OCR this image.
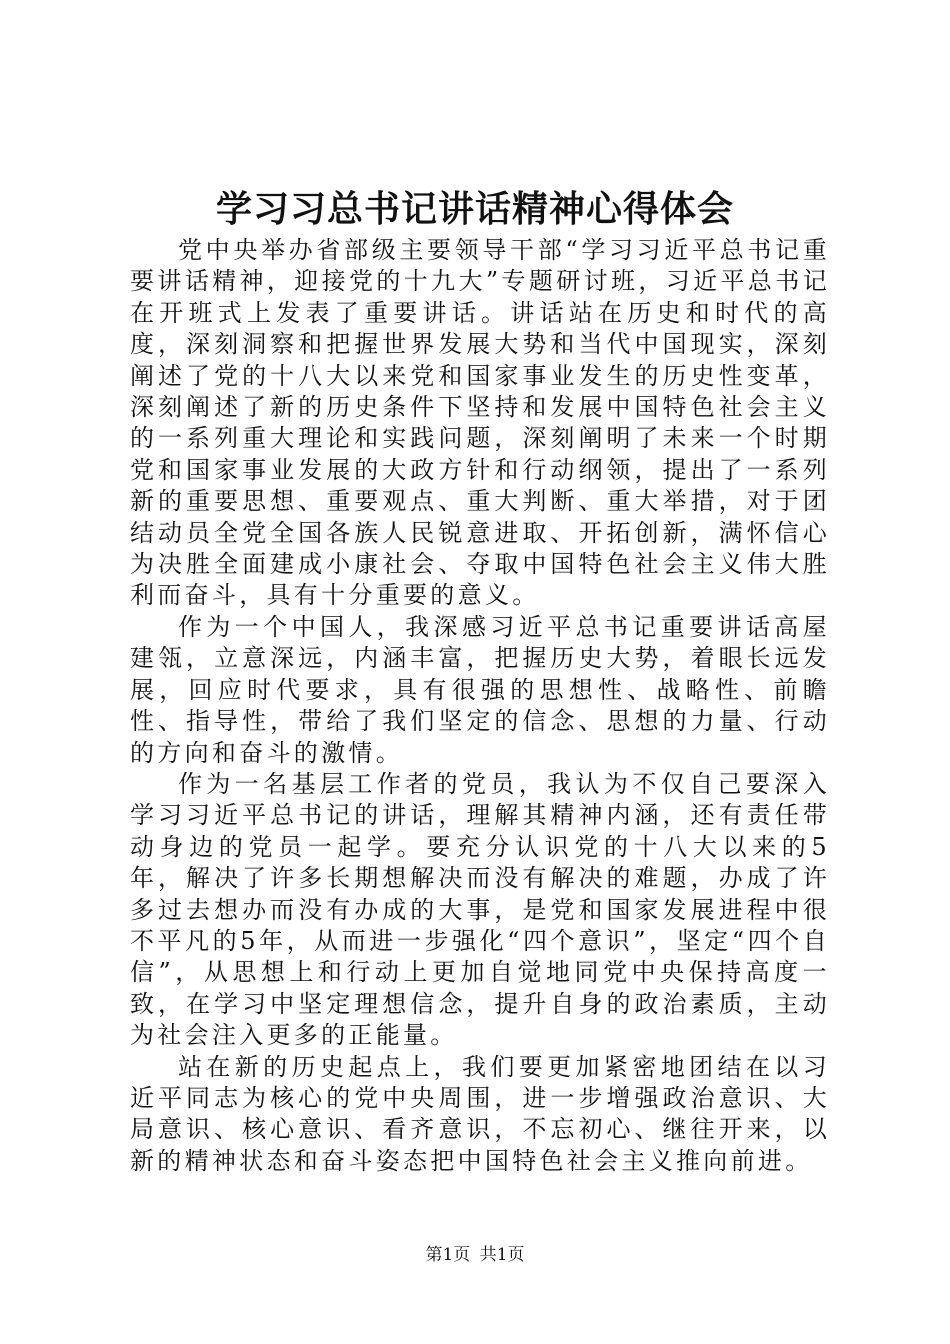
学习习总书记讲话精神心得体会

党中央举办省部级主要领导干部“学习习近平总书记重要讲话精神，迎接党的十九大”专题研讨班，习近平总书记在开班式上发表了重要讲话。讲话站在历史和时代的高度，深刻洞察和把握世界发展大势和当代中国现实，深刻阐述了党的十八大以来党和国家事业发生的历史性变革，深刻阐述了新的历史条件下坚持和发展中国特色社会主义的一系列重大理论和实践问题，深刻阐明了未来一个时期党和国家事业发展的大政方针和行动纲领，提出了一系列新的重要思想、重要观点、重大判断、重大举措，对于团结动员全党全国各族人民锐意进取、开拓创新，满怀信心为决胜全面建成小康社会、夺取中国特色社会主义伟大胜利而奋斗，具有十分重要的意义。

作为一个中国人，我深感习近平总书记重要讲话高屋建瓴，立意深远，内涵丰富，把握历史大势，着眼长远发展，回应时代要求，具有很强的思想性、战略性、前瞻性、指导性，带给了我们坚定的信念、思想的力量、行动的方向和奋斗的激情。

作为一名基层工作者的党员，我认为不仅自己要深入学习习近平总书记的讲话，理解其精神内涵，还有责任带动身边的党员一起学。要充分认识党的十八大以来的5年，解决了许多长期想解决而没有解决的难题，办成了许多过去想办而没有办成的大事，是党和国家发展进程中很不平凡的5年，从而进一步强化“四个意识”，坚定“四个自信”，从思想上和行动上更加自觉地同党中央保持高度一致，在学习中坚定理想信念，提升自身的政治素质，主动为社会注入更多的正能量。

站在新的历史起点上，我们要更加紧密地团结在以习近平同志为核心的党中央周围，进一步增强政治意识、大局意识、核心意识、看齐意识，不忘初心、继往开来，以新的精神状态和奋斗姿态把中国特色社会主义推向前进。

第1页 共1页
